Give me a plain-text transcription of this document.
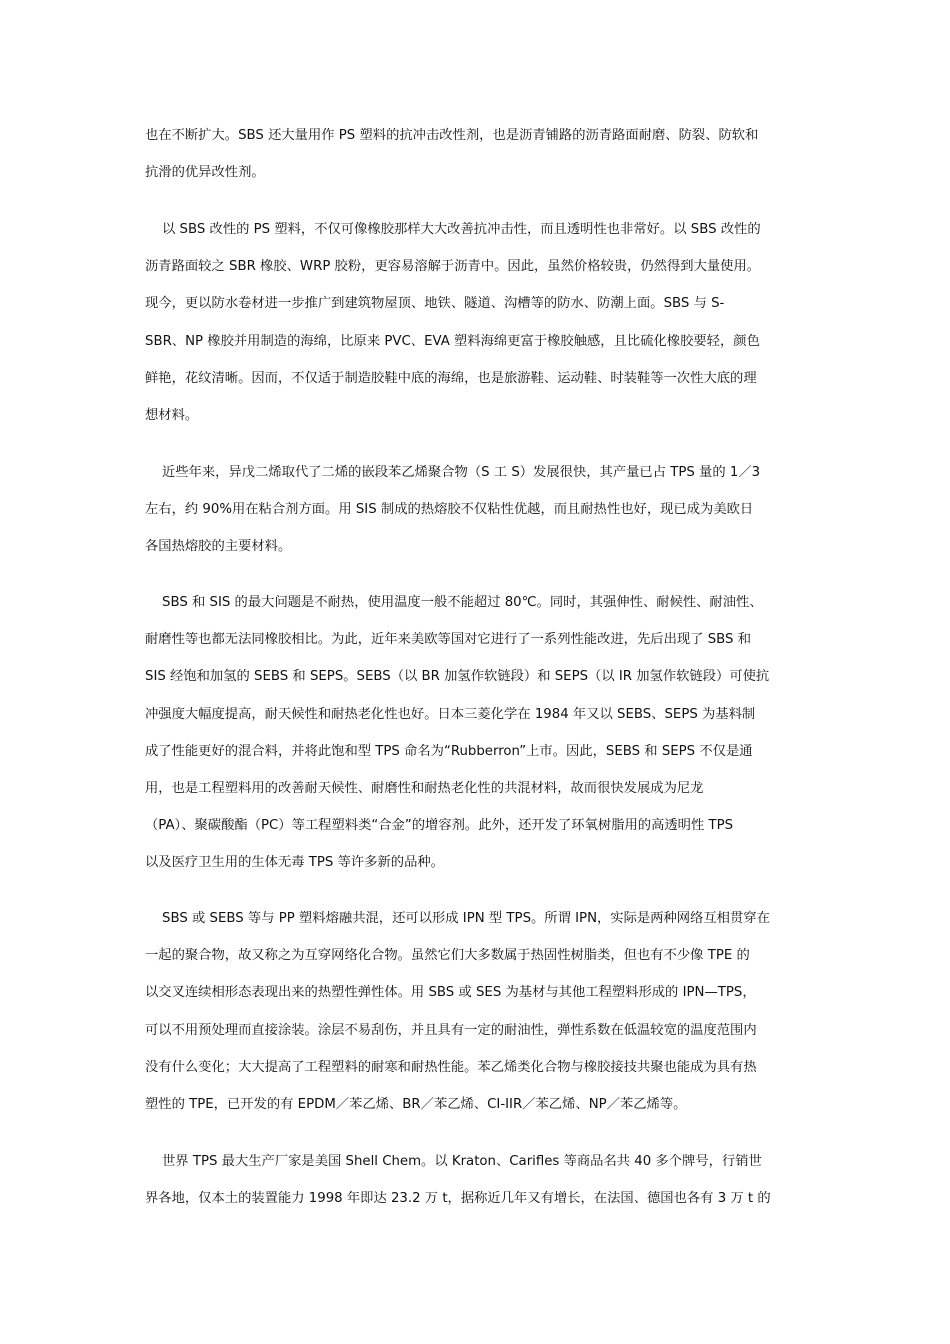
也在不断扩大。SBS 还大量用作 PS 塑料的抗冲击改性剂，也是沥青铺路的沥青路面耐磨、防裂、防软和
抗滑的优异改性剂。
以 SBS 改性的 PS 塑料，不仅可像橡胶那样大大改善抗冲击性，而且透明性也非常好。以 SBS 改性的
沥青路面较之 SBR 橡胶、WRP 胶粉，更容易溶解于沥青中。因此，虽然价格较贵，仍然得到大量使用。
现今，更以防水卷材进一步推广到建筑物屋顶、地铁、隧道、沟槽等的防水、防潮上面。SBS 与 S-
SBR、NP 橡胶并用制造的海绵，比原来 PVC、EVA 塑料海绵更富于橡胶触感，且比硫化橡胶要轻，颜色
鲜艳，花纹清晰。因而，不仅适于制造胶鞋中底的海绵，也是旅游鞋、运动鞋、时装鞋等一次性大底的理
想材料。
近些年来，异戊二烯取代了二烯的嵌段苯乙烯聚合物（S 工 S）发展很快，其产量已占 TPS 量的 1／3
左右，约 90%用在粘合剂方面。用 SIS 制成的热熔胶不仅粘性优越，而且耐热性也好，现已成为美欧日
各国热熔胶的主要材料。
SBS 和 SIS 的最大问题是不耐热，使用温度一般不能超过 80℃。同时，其强伸性、耐候性、耐油性、
耐磨性等也都无法同橡胶相比。为此，近年来美欧等国对它进行了一系列性能改进，先后出现了 SBS 和
SIS 经饱和加氢的 SEBS 和 SEPS。SEBS（以 BR 加氢作软链段）和 SEPS（以 IR 加氢作软链段）可使抗
冲强度大幅度提高，耐天候性和耐热老化性也好。日本三菱化学在 1984 年又以 SEBS、SEPS 为基料制
成了性能更好的混合料，并将此饱和型 TPS 命名为“Rubberron”上市。因此，SEBS 和 SEPS 不仅是通
用，也是工程塑料用的改善耐天候性、耐磨性和耐热老化性的共混材料，故而很快发展成为尼龙
（PA）、聚碳酸酯（PC）等工程塑料类“合金”的增容剂。此外，还开发了环氧树脂用的高透明性 TPS
以及医疗卫生用的生体无毒 TPS 等许多新的品种。
SBS 或 SEBS 等与 PP 塑料熔融共混，还可以形成 IPN 型 TPS。所谓 IPN，实际是两种网络互相贯穿在
一起的聚合物，故又称之为互穿网络化合物。虽然它们大多数属于热固性树脂类，但也有不少像 TPE 的
以交叉连续相形态表现出来的热塑性弹性体。用 SBS 或 SES 为基材与其他工程塑料形成的 IPN—TPS，
可以不用预处理而直接涂装。涂层不易刮伤，并且具有一定的耐油性，弹性系数在低温较宽的温度范围内
没有什么变化；大大提高了工程塑料的耐寒和耐热性能。苯乙烯类化合物与橡胶接技共聚也能成为具有热
塑性的 TPE，已开发的有 EPDM／苯乙烯、BR／苯乙烯、CI-IIR／苯乙烯、NP／苯乙烯等。
世界 TPS 最大生产厂家是美国 Shell Chem。以 Kraton、Carifles 等商品名共 40 多个牌号，行销世
界各地，仅本土的装置能力 1998 年即达 23.2 万 t，据称近几年又有增长，在法国、德国也各有 3 万 t 的
